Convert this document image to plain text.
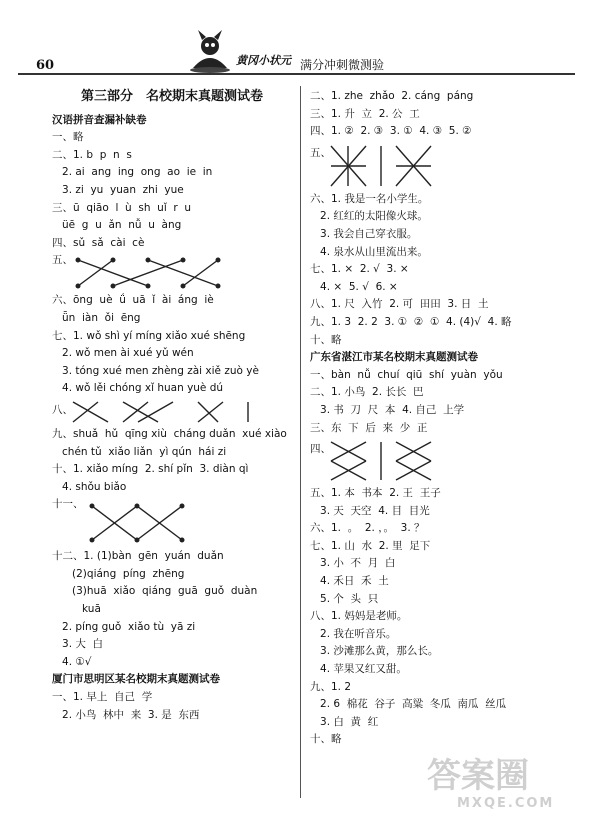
60	黄冈小状元 满分冲刺微测验
第三部分　名校期末真题测试卷
汉语拼音查漏补缺卷
一、略
二、1. b  p  n  s
2. ai  ang  ing  ong  ao  ie  in
3. zi  yu  yuan  zhi  yue
三、ū  qiāo  l  ù  sh  uǐ  r  u
üē  g  u  ǎn  nǚ  u  àng
四、sǔ  sǎ  cài  cè
五、
六、ōng  uè  ǘ  uā  ǐ  ài  áng  iè
ǖn  iàn  ǒi  ēng
七、1. wǒ shì yí míng xiǎo xué shēng
2. wǒ men ài xué yǔ wén
3. tóng xué men zhèng zài xiě zuò yè
4. wǒ lěi chóng xǐ huan yuè dú
八、
九、shuǎ  hǔ  qīng xiù  cháng duǎn  xué xiào
chén tǔ  xiǎo liǎn  yì qún  hái zi
十、1. xiǎo míng  2. shí pǐn  3. diàn qì
4. shǒu biǎo
十一、
十二、1. (1)bàn  gēn  yuán  duǎn
(2)qiáng  píng  zhēng
(3)huā  xiǎo  qiáng  guā  guǒ  duàn
kuā
2. píng guǒ  xiǎo tù  yā zi
3. 大  白
4. ①√
厦门市思明区某名校期末真题测试卷
一、1. 早上  自己  学
2. 小鸟  林中  来  3. 是  东西
二、1. zhe  zhǎo  2. cáng  páng
三、1. 升  立  2. 公  工
四、1. ②  2. ③  3. ①  4. ③  5. ②
五、
六、1. 我是一名小学生。
2. 红红的太阳像火球。
3. 我会自己穿衣服。
4. 泉水从山里流出来。
七、1. ×  2. √  3. ×
4. ×  5. √  6. ×
八、1. 尺  入竹  2. 可  田田  3. 日  土
九、1. 3  2. 2  3. ①  ②  ①  4. (4)√  4. 略
十、略
广东省湛江市某名校期末真题测试卷
一、bàn  nǚ  chuí  qiū  shí  yuàn  yǒu
二、1. 小鸟  2. 长长  巴
3. 书  刀  尺  本  4. 自己  上学
三、东  下  后  来  少  正
四、
五、1. 本  书本  2. 王  王子
3. 天  天空  4. 目  目光
六、1.  。  2. ，。  3. ？
七、1. 山  水  2. 里  足下
3. 小  不  月  白
4. 禾日  禾  土
5. 个  头  只
八、1. 妈妈是老师。
2. 我在听音乐。
3. 沙滩那么黄，那么长。
4. 苹果又红又甜。
九、1. 2
2. 6  棉花  谷子  高粱  冬瓜  南瓜  丝瓜
3. 白  黄  红
十、略
答案圈
MXQE.COM
